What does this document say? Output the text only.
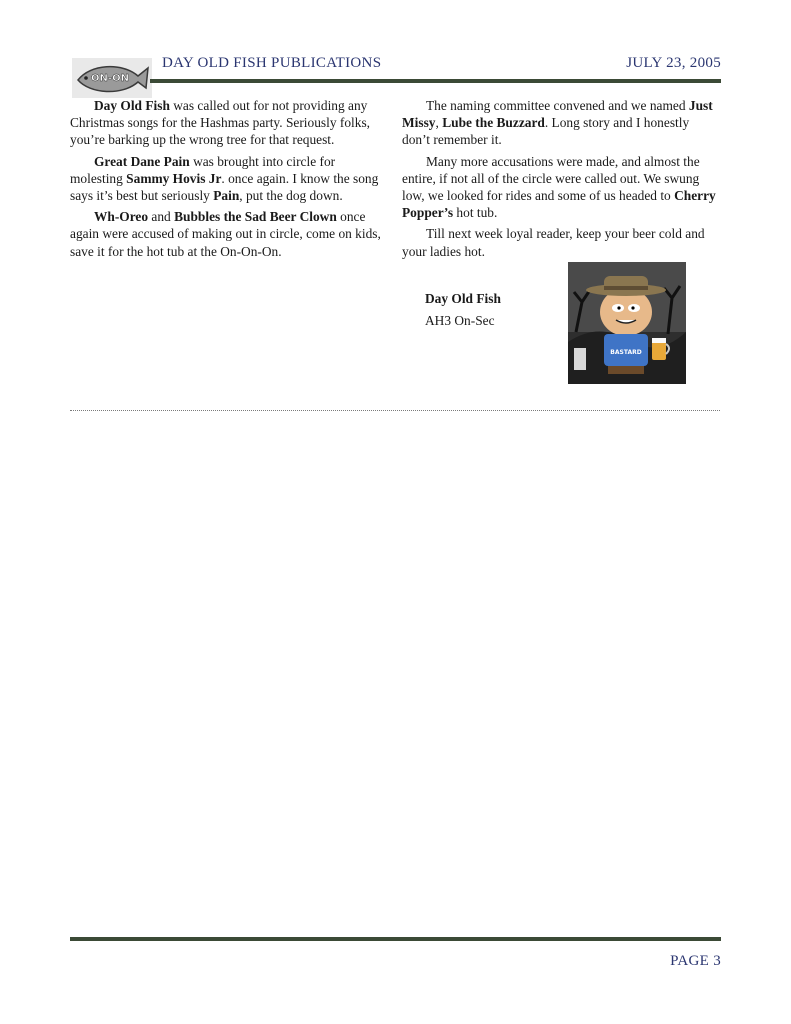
ON-ON
DAY OLD FISH PUBLICATIONS	JULY 23, 2005

Day Old Fish was called out for not providing any Christmas songs for the Hashmas party. Seriously folks, you’re barking up the wrong tree for that request.

Great Dane Pain was brought into circle for molesting Sammy Hovis Jr. once again. I know the song says it’s best but seriously Pain, put the dog down.

Wh-Oreo and Bubbles the Sad Beer Clown once again were accused of making out in circle, come on kids, save it for the hot tub at the On-On-On.

The naming committee convened and we named Just Missy, Lube the Buzzard. Long story and I honestly don’t remember it.

Many more accusations were made, and almost the entire, if not all of the circle were called out. We swung low, we looked for rides and some of us headed to Cherry Popper’s hot tub.

Till next week loyal reader, keep your beer cold and your ladies hot.

Day Old Fish
AH3 On-Sec
BASTARD
PAGE 3
